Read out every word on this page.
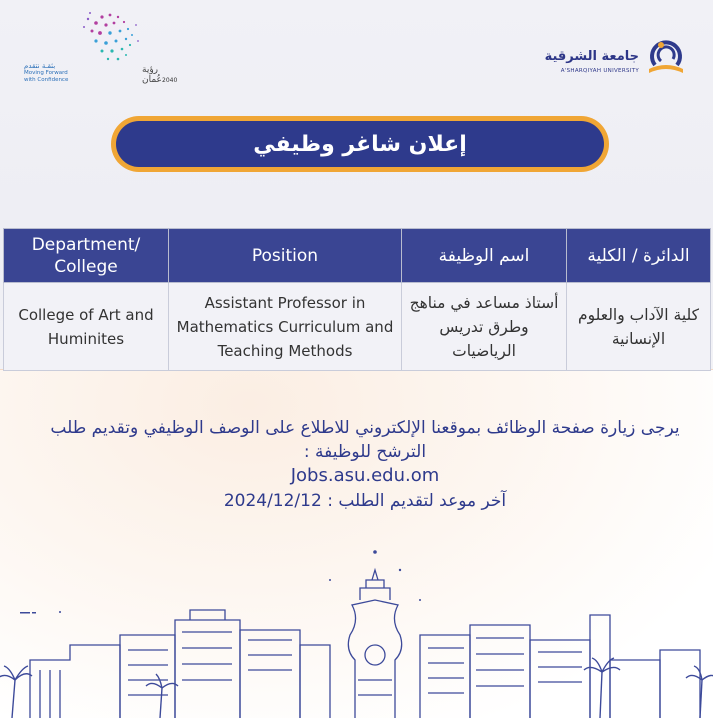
رؤية عُمان 2040
بثقـة نتقدم
Moving Forward
with Confidence
جامعة الشرقية
A'SHARQIYAH UNIVERSITY
إعلان شاغر وظيفي
Department/ College	Position	اسم الوظيفة	الدائرة / الكلية
College of Art and Huminites	Assistant Professor in Mathematics Curriculum and Teaching Methods	أستاذ مساعد في مناهج وطرق تدريس الرياضيات	كلية الآداب والعلوم الإنسانية
يرجى زيارة صفحة الوظائف بموقعنا الإلكتروني للاطلاع على الوصف الوظيفي وتقديم طلب الترشح للوظيفة :
Jobs.asu.edu.om
آخر موعد لتقديم الطلب : 2024/12/12
